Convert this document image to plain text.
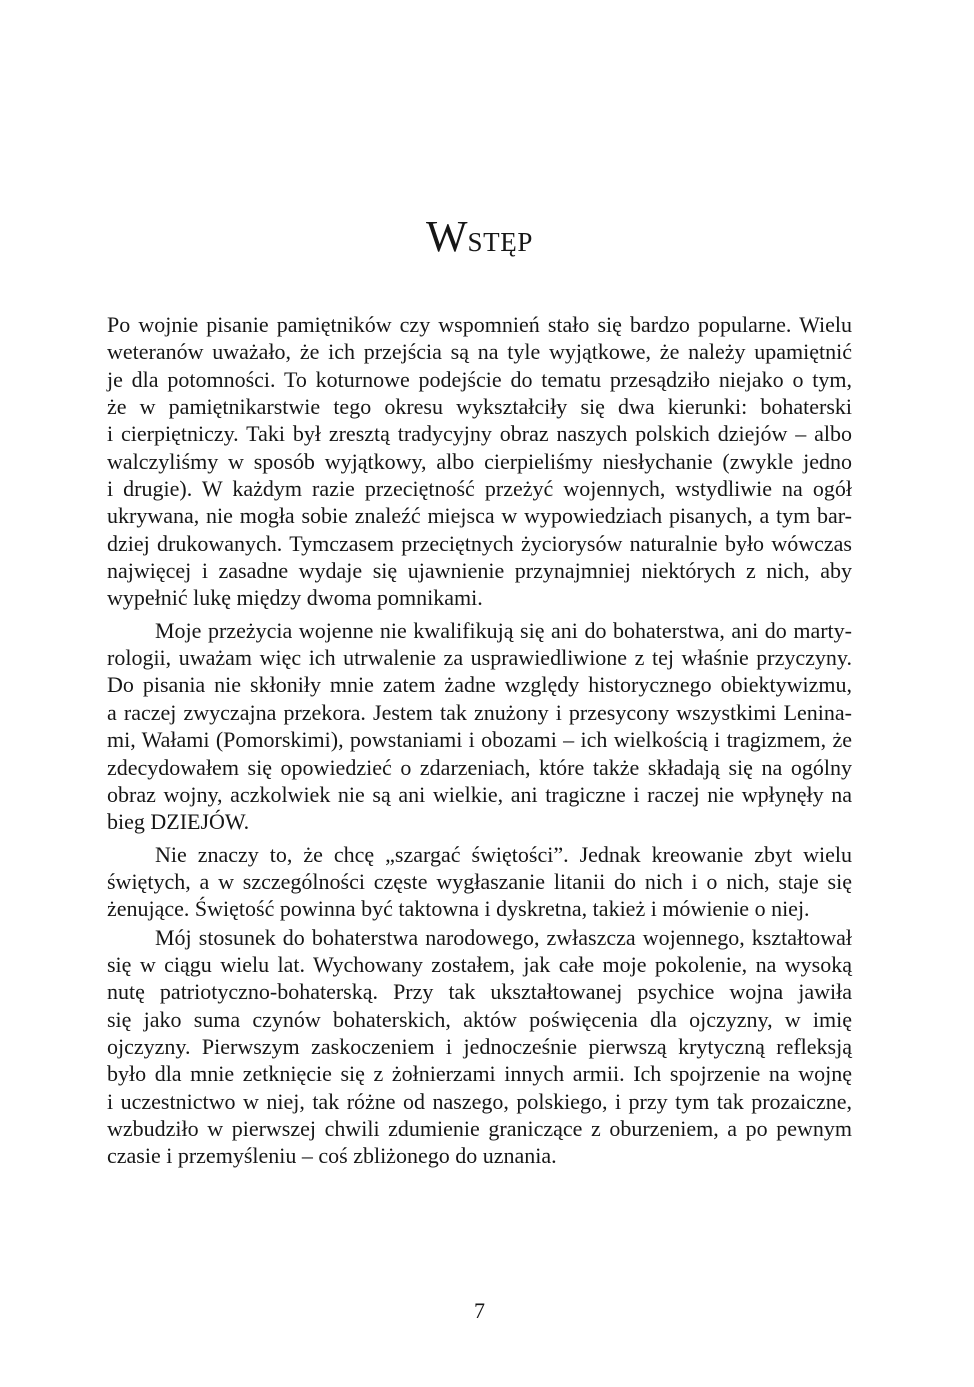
WSTĘP

Po wojnie pisanie pamiętników czy wspomnień stało się bardzo popularne. Wielu
weteranów uważało, że ich przejścia są na tyle wyjątkowe, że należy upamiętnić
je dla potomności. To koturnowe podejście do tematu przesądziło niejako o tym,
że w pamiętnikarstwie tego okresu wykształciły się dwa kierunki: bohaterski
i cierpiętniczy. Taki był zresztą tradycyjny obraz naszych polskich dziejów – albo
walczyliśmy w sposób wyjątkowy, albo cierpieliśmy niesłychanie (zwykle jedno
i drugie). W każdym razie przeciętność przeżyć wojennych, wstydliwie na ogół
ukrywana, nie mogła sobie znaleźć miejsca w wypowiedziach pisanych, a tym bar-
dziej drukowanych. Tymczasem przeciętnych życiorysów naturalnie było wówczas
najwięcej i zasadne wydaje się ujawnienie przynajmniej niektórych z nich, aby
wypełnić lukę między dwoma pomnikami.

Moje przeżycia wojenne nie kwalifikują się ani do bohaterstwa, ani do marty-
rologii, uważam więc ich utrwalenie za usprawiedliwione z tej właśnie przyczyny.
Do pisania nie skłoniły mnie zatem żadne względy historycznego obiektywizmu,
a raczej zwyczajna przekora. Jestem tak znużony i przesycony wszystkimi Lenina-
mi, Wałami (Pomorskimi), powstaniami i obozami – ich wielkością i tragizmem, że
zdecydowałem się opowiedzieć o zdarzeniach, które także składają się na ogólny
obraz wojny, aczkolwiek nie są ani wielkie, ani tragiczne i raczej nie wpłynęły na
bieg DZIEJÓW.

Nie znaczy to, że chcę „szargać świętości”. Jednak kreowanie zbyt wielu
świętych, a w szczególności częste wygłaszanie litanii do nich i o nich, staje się
żenujące. Świętość powinna być taktowna i dyskretna, takież i mówienie o niej.

Mój stosunek do bohaterstwa narodowego, zwłaszcza wojennego, kształtował
się w ciągu wielu lat. Wychowany zostałem, jak całe moje pokolenie, na wysoką
nutę patriotyczno-bohaterską. Przy tak ukształtowanej psychice wojna jawiła
się jako suma czynów bohaterskich, aktów poświęcenia dla ojczyzny, w imię
ojczyzny. Pierwszym zaskoczeniem i jednocześnie pierwszą krytyczną refleksją
było dla mnie zetknięcie się z żołnierzami innych armii. Ich spojrzenie na wojnę
i uczestnictwo w niej, tak różne od naszego, polskiego, i przy tym tak prozaiczne,
wzbudziło w pierwszej chwili zdumienie graniczące z oburzeniem, a po pewnym
czasie i przemyśleniu – coś zbliżonego do uznania.

7
